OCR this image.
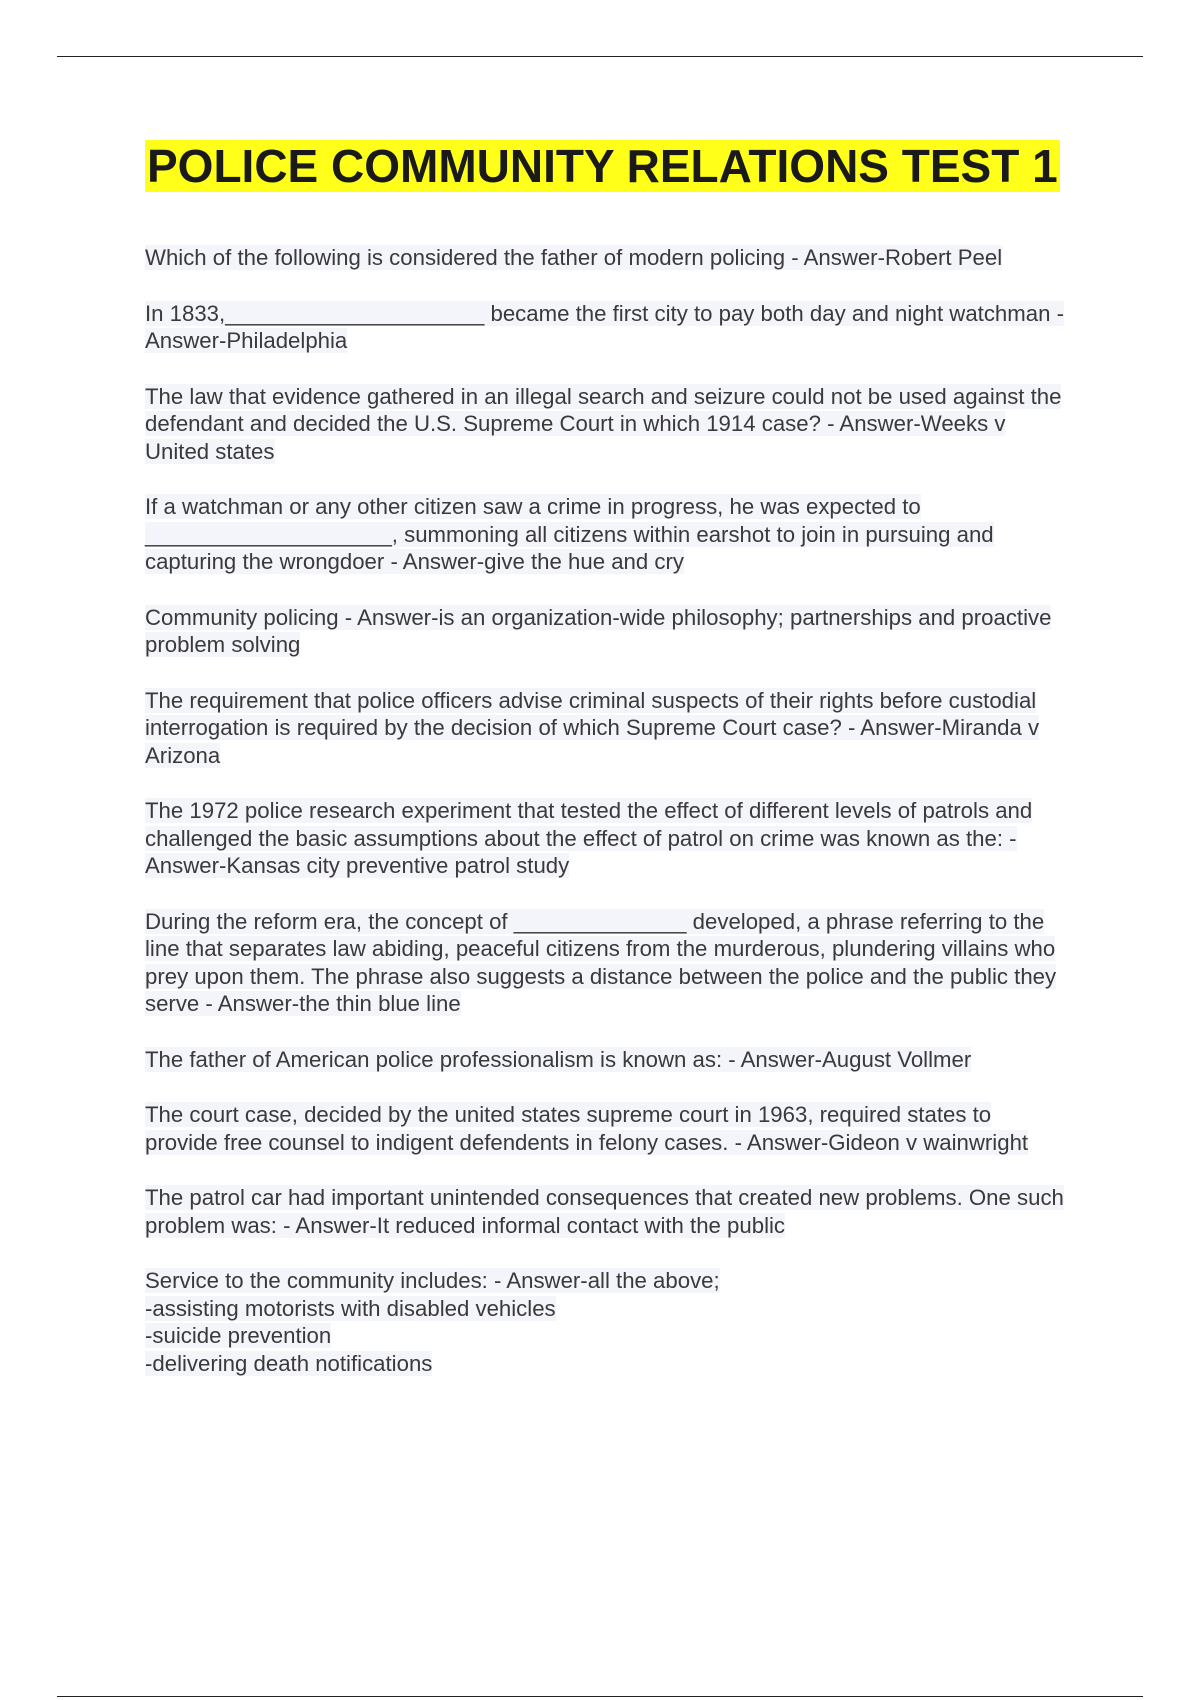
POLICE COMMUNITY RELATIONS TEST 1
Which of the following is considered the father of modern policing - Answer-Robert Peel
In 1833,_____________________ became the first city to pay both day and night watchman - Answer-Philadelphia
The law that evidence gathered in an illegal search and seizure could not be used against the defendant and decided the U.S. Supreme Court in which 1914 case? - Answer-Weeks v United states
If a watchman or any other citizen saw a crime in progress, he was expected to ____________________, summoning all citizens within earshot to join in pursuing and capturing the wrongdoer - Answer-give the hue and cry
Community policing - Answer-is an organization-wide philosophy; partnerships and proactive problem solving
The requirement that police officers advise criminal suspects of their rights before custodial interrogation is required by the decision of which Supreme Court case? - Answer-Miranda v Arizona
The 1972 police research experiment that tested the effect of different levels of patrols and challenged the basic assumptions about the effect of patrol on crime was known as the: - Answer-Kansas city preventive patrol study
During the reform era, the concept of ______________ developed, a phrase referring to the line that separates law abiding, peaceful citizens from the murderous, plundering villains who prey upon them. The phrase also suggests a distance between the police and the public they serve - Answer-the thin blue line
The father of American police professionalism is known as: - Answer-August Vollmer
The court case, decided by the united states supreme court in 1963, required states to provide free counsel to indigent defendents in felony cases. - Answer-Gideon v wainwright
The patrol car had important unintended consequences that created new problems. One such problem was: - Answer-It reduced informal contact with the public
Service to the community includes: - Answer-all the above;
-assisting motorists with disabled vehicles
-suicide prevention
-delivering death notifications
